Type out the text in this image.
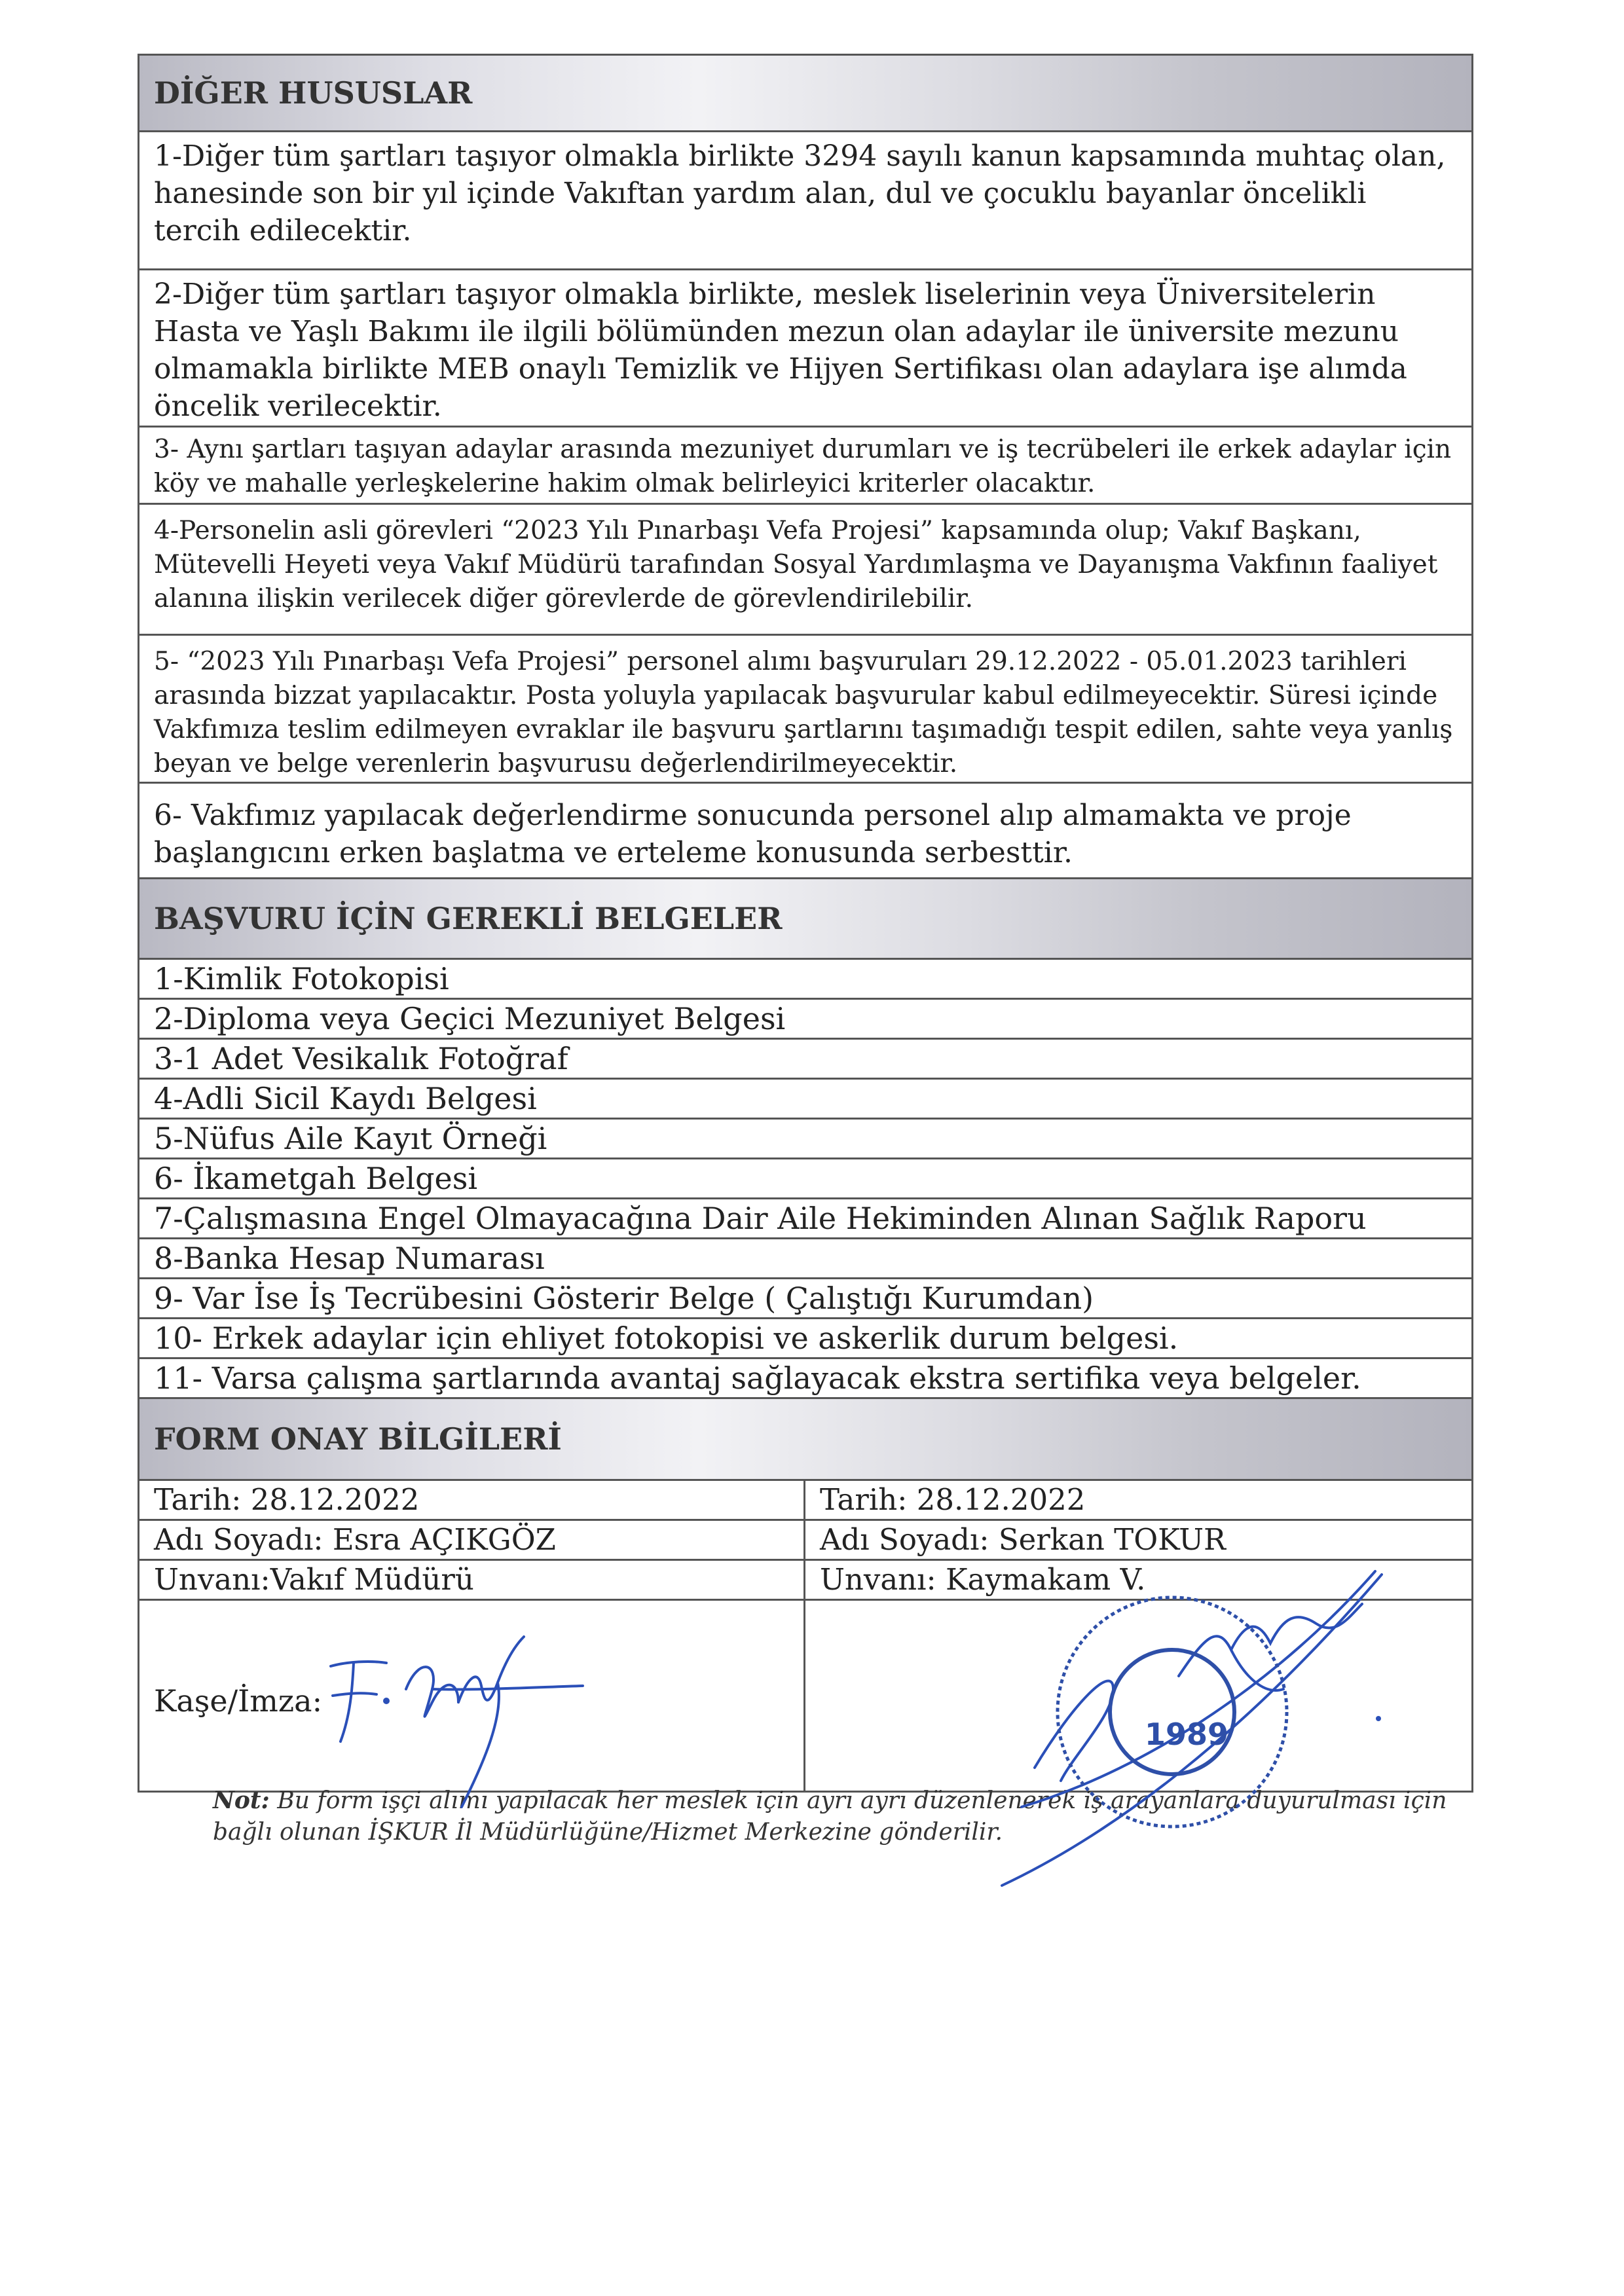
DİĞER HUSUSLAR
1-Diğer tüm şartları taşıyor olmakla birlikte 3294 sayılı kanun kapsamında muhtaç olan, hanesinde son bir yıl içinde Vakıftan yardım alan, dul ve çocuklu bayanlar öncelikli tercih edilecektir.
2-Diğer tüm şartları taşıyor olmakla birlikte, meslek liselerinin veya Üniversitelerin Hasta ve Yaşlı Bakımı ile ilgili bölümünden mezun olan adaylar ile üniversite mezunu olmamakla birlikte MEB onaylı Temizlik ve Hijyen Sertifikası olan adaylara işe alımda öncelik verilecektir.
3- Aynı şartları taşıyan adaylar arasında mezuniyet durumları ve iş tecrübeleri ile erkek adaylar için köy ve mahalle yerleşkelerine hakim olmak belirleyici kriterler olacaktır.
4-Personelin asli görevleri “2023 Yılı Pınarbaşı Vefa Projesi” kapsamında olup; Vakıf Başkanı, Mütevelli Heyeti veya Vakıf Müdürü tarafından Sosyal Yardımlaşma ve Dayanışma Vakfının faaliyet alanına ilişkin verilecek diğer görevlerde de görevlendirilebilir.
5- “2023 Yılı Pınarbaşı Vefa Projesi” personel alımı başvuruları 29.12.2022 - 05.01.2023 tarihleri arasında bizzat yapılacaktır. Posta yoluyla yapılacak başvurular kabul edilmeyecektir. Süresi içinde Vakfımıza teslim edilmeyen evraklar ile başvuru şartlarını taşımadığı tespit edilen, sahte veya yanlış beyan ve belge verenlerin başvurusu değerlendirilmeyecektir.
6- Vakfımız yapılacak değerlendirme sonucunda personel alıp almamakta ve proje başlangıcını erken başlatma ve erteleme konusunda serbesttir.
BAŞVURU İÇİN GEREKLİ BELGELER
1-Kimlik Fotokopisi
2-Diploma veya Geçici Mezuniyet Belgesi
3-1 Adet Vesikalık Fotoğraf
4-Adli Sicil Kaydı Belgesi
5-Nüfus Aile Kayıt Örneği
6- İkametgah Belgesi
7-Çalışmasına Engel Olmayacağına Dair Aile Hekiminden Alınan Sağlık Raporu
8-Banka Hesap Numarası
9- Var İse İş Tecrübesini Gösterir Belge ( Çalıştığı Kurumdan)
10- Erkek adaylar için ehliyet fotokopisi ve askerlik durum belgesi.
11- Varsa çalışma şartlarında avantaj sağlayacak ekstra sertifika veya belgeler.
FORM ONAY BİLGİLERİ
Tarih: 28.12.2022	Tarih: 28.12.2022
Adı Soyadı: Esra AÇIKGÖZ	Adı Soyadı: Serkan TOKUR
Unvanı:Vakıf Müdürü	Unvanı: Kaymakam V.
Kaşe/İmza:
Not: Bu form işçi alımı yapılacak her meslek için ayrı ayrı düzenlenerek iş arayanlara duyurulması için bağlı olunan İŞKUR İl Müdürlüğüne/Hizmet Merkezine gönderilir.
1989
